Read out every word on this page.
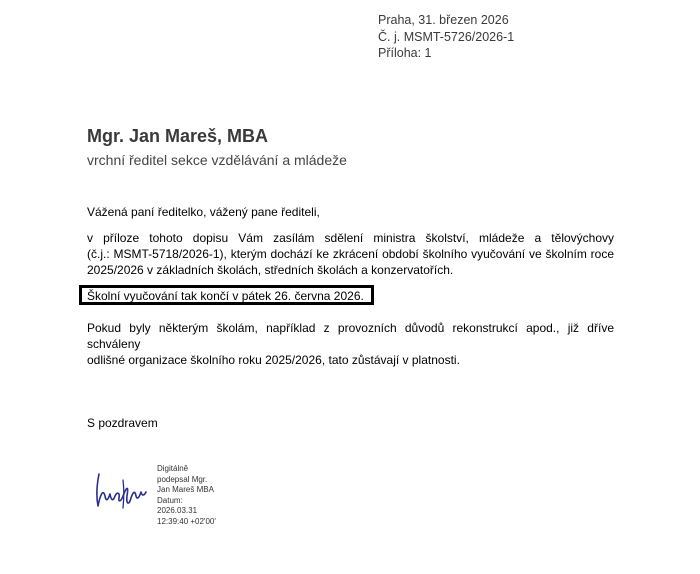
Praha, 31. březen 2026
Č. j. MSMT-5726/2026-1
Příloha: 1
Mgr. Jan Mareš, MBA
vrchní ředitel sekce vzdělávání a mládeže
Vážená paní ředitelko, vážený pane řediteli,
v příloze tohoto dopisu Vám zasílám sdělení ministra školství, mládeže a tělovýchovy
(č.j.: MSMT-5718/2026-1), kterým dochází ke zkrácení období školního vyučování ve školním roce
2025/2026 v základních školách, středních školách a konzervatořích.
Školní vyučování tak končí v pátek 26. června 2026.
Pokud byly některým školám, například z provozních důvodů rekonstrukcí apod., již dříve schváleny
odlišné organizace školního roku 2025/2026, tato zůstávají v platnosti.
S pozdravem
Digitálně
podepsal Mgr.
Jan Mareš MBA
Datum:
2026.03.31
12:39:40 +02'00'
